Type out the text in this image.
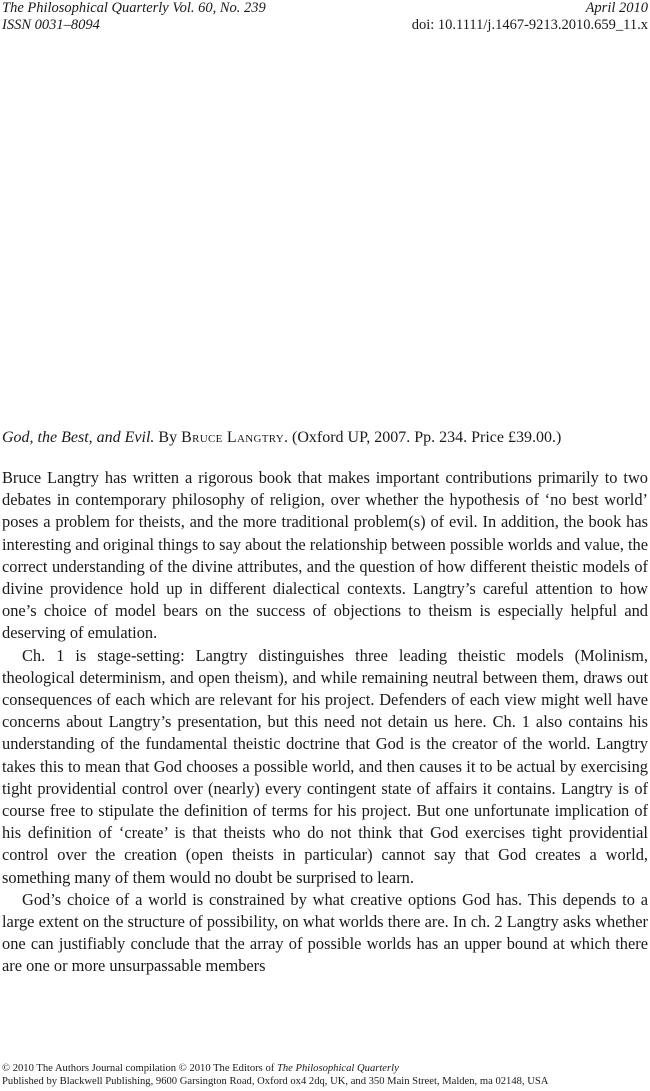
The Philosophical Quarterly Vol. 60, No. 239	April 2010
ISSN 0031–8094	doi: 10.1111/j.1467-9213.2010.659_11.x
God, the Best, and Evil. By Bruce Langtry. (Oxford UP, 2007. Pp. 234. Price £39.00.)

Bruce Langtry has written a rigorous book that makes important contributions primarily to two debates in contemporary philosophy of religion, over whether the hypothesis of ‘no best world’ poses a problem for theists, and the more traditional problem(s) of evil. In addition, the book has interesting and original things to say about the relationship between possible worlds and value, the correct understanding of the divine attributes, and the question of how different theistic models of divine providence hold up in different dialectical contexts. Langtry’s careful attention to how one’s choice of model bears on the success of objections to theism is especially helpful and deserving of emulation.

Ch. 1 is stage-setting: Langtry distinguishes three leading theistic models (Molinism, theological determinism, and open theism), and while remaining neutral between them, draws out consequences of each which are relevant for his project. Defenders of each view might well have concerns about Langtry’s presentation, but this need not detain us here. Ch. 1 also contains his understanding of the fundamental theistic doctrine that God is the creator of the world. Langtry takes this to mean that God chooses a possible world, and then causes it to be actual by exercising tight providential control over (nearly) every contingent state of affairs it contains. Langtry is of course free to stipulate the definition of terms for his project. But one unfortunate implication of his definition of ‘create’ is that theists who do not think that God exercises tight providential control over the creation (open theists in particular) cannot say that God creates a world, something many of them would no doubt be surprised to learn.

God’s choice of a world is constrained by what creative options God has. This depends to a large extent on the structure of possibility, on what worlds there are. In ch. 2 Langtry asks whether one can justifiably conclude that the array of possible worlds has an upper bound at which there are one or more unsurpassable members

© 2010 The Authors Journal compilation © 2010 The Editors of The Philosophical Quarterly
Published by Blackwell Publishing, 9600 Garsington Road, Oxford ox4 2dq, UK, and 350 Main Street, Malden, ma 02148, USA
